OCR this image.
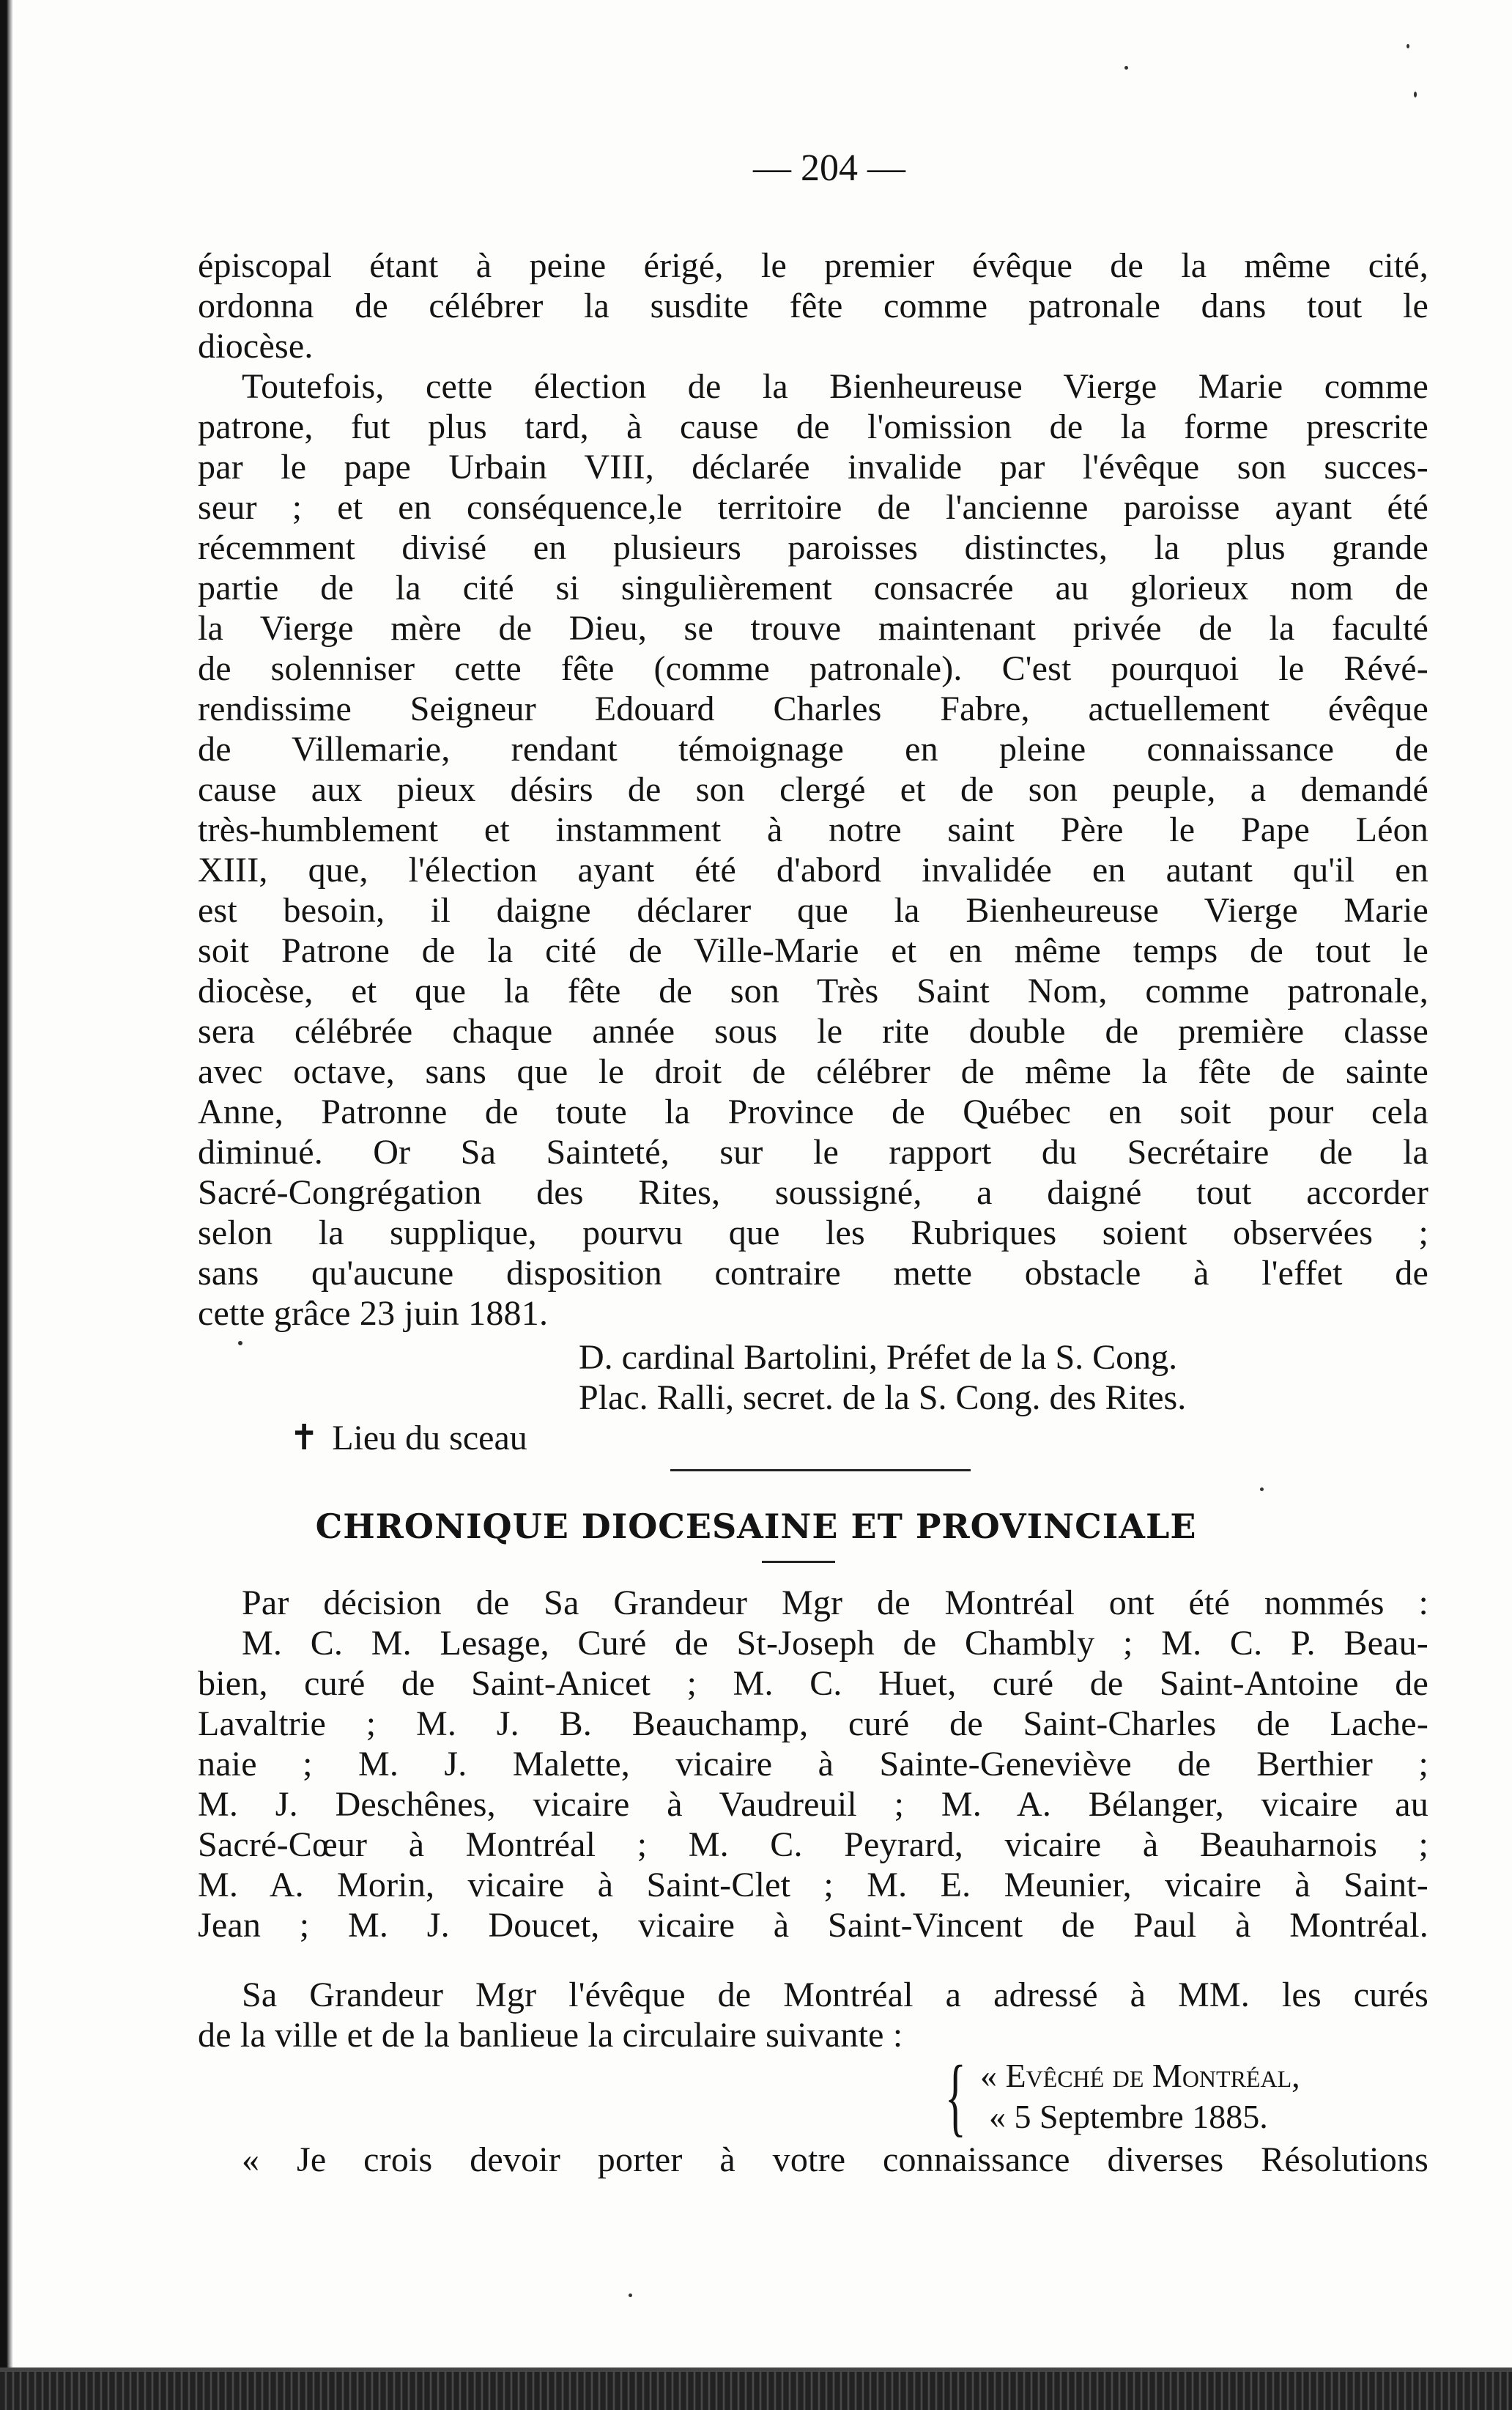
— 204 —
épiscopal étant à peine érigé, le premier évêque de la même cité,
ordonna de célébrer la susdite fête comme patronale dans tout le
diocèse.
Toutefois, cette élection de la Bienheureuse Vierge Marie comme
patrone, fut plus tard, à cause de l'omission de la forme prescrite
par le pape Urbain VIII, déclarée invalide par l'évêque son succes-
seur ; et en conséquence,le territoire de l'ancienne paroisse ayant été
récemment divisé en plusieurs paroisses distinctes, la plus grande
partie de la cité si singulièrement consacrée au glorieux nom de
la Vierge mère de Dieu, se trouve maintenant privée de la faculté
de solenniser cette fête (comme patronale). C'est pourquoi le Révé-
rendissime Seigneur Edouard Charles Fabre, actuellement évêque
de Villemarie, rendant témoignage en pleine connaissance de
cause aux pieux désirs de son clergé et de son peuple, a demandé
très-humblement et instamment à notre saint Père le Pape Léon
XIII, que, l'élection ayant été d'abord invalidée en autant qu'il en
est besoin, il daigne déclarer que la Bienheureuse Vierge Marie
soit Patrone de la cité de Ville-Marie et en même temps de tout le
diocèse, et que la fête de son Très Saint Nom, comme patronale,
sera célébrée chaque année sous le rite double de première classe
avec octave, sans que le droit de célébrer de même la fête de sainte
Anne, Patronne de toute la Province de Québec en soit pour cela
diminué. Or Sa Sainteté, sur le rapport du Secrétaire de la
Sacré-Congrégation des Rites, soussigné, a daigné tout accorder
selon la supplique, pourvu que les Rubriques soient observées ;
sans qu'aucune disposition contraire mette obstacle à l'effet de
cette grâce 23 juin 1881.
D. cardinal Bartolini, Préfet de la S. Cong.
Plac. Ralli, secret. de la S. Cong. des Rites.
✝ Lieu du sceau
CHRONIQUE DIOCESAINE ET PROVINCIALE
Par décision de Sa Grandeur Mgr de Montréal ont été nommés :
M. C. M. Lesage, Curé de St-Joseph de Chambly ; M. C. P. Beau-
bien, curé de Saint-Anicet ; M. C. Huet, curé de Saint-Antoine de
Lavaltrie ; M. J. B. Beauchamp, curé de Saint-Charles de Lache-
naie ; M. J. Malette, vicaire à Sainte-Geneviève de Berthier ;
M. J. Deschênes, vicaire à Vaudreuil ; M. A. Bélanger, vicaire au
Sacré-Cœur à Montréal ; M. C. Peyrard, vicaire à Beauharnois ;
M. A. Morin, vicaire à Saint-Clet ; M. E. Meunier, vicaire à Saint-
Jean ; M. J. Doucet, vicaire à Saint-Vincent de Paul à Montréal.
Sa Grandeur Mgr l'évêque de Montréal a adressé à MM. les curés
de la ville et de la banlieue la circulaire suivante :
{ « Evêché de Montréal,
« 5 Septembre 1885.
« Je crois devoir porter à votre connaissance diverses Résolutions
